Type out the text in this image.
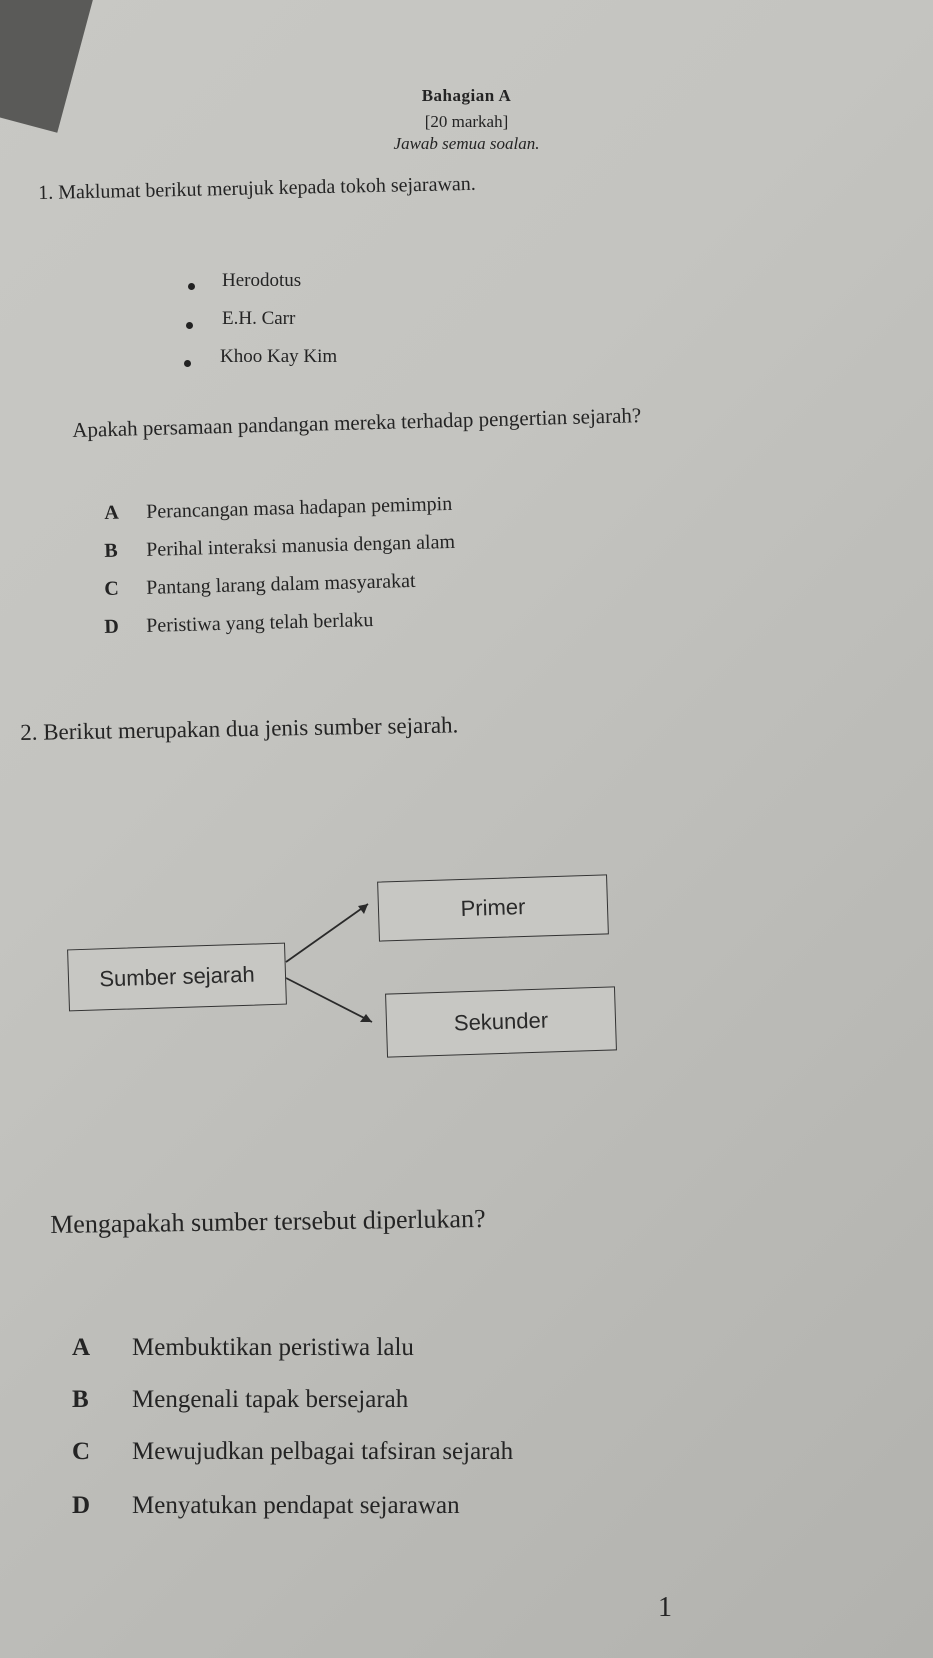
Bahagian A
[20 markah]
Jawab semua soalan.
1. Maklumat berikut merujuk kepada tokoh sejarawan.
Herodotus
E.H. Carr
Khoo Kay Kim
Apakah persamaan pandangan mereka terhadap pengertian sejarah?
A Perancangan masa hadapan pemimpin
B Perihal interaksi manusia dengan alam
C Pantang larang dalam masyarakat
D Peristiwa yang telah berlaku
2. Berikut merupakan dua jenis sumber sejarah.
Primer
Sumber sejarah
Sekunder
Mengapakah sumber tersebut diperlukan?
A Membuktikan peristiwa lalu
B Mengenali tapak bersejarah
C Mewujudkan pelbagai tafsiran sejarah
D Menyatukan pendapat sejarawan
1
